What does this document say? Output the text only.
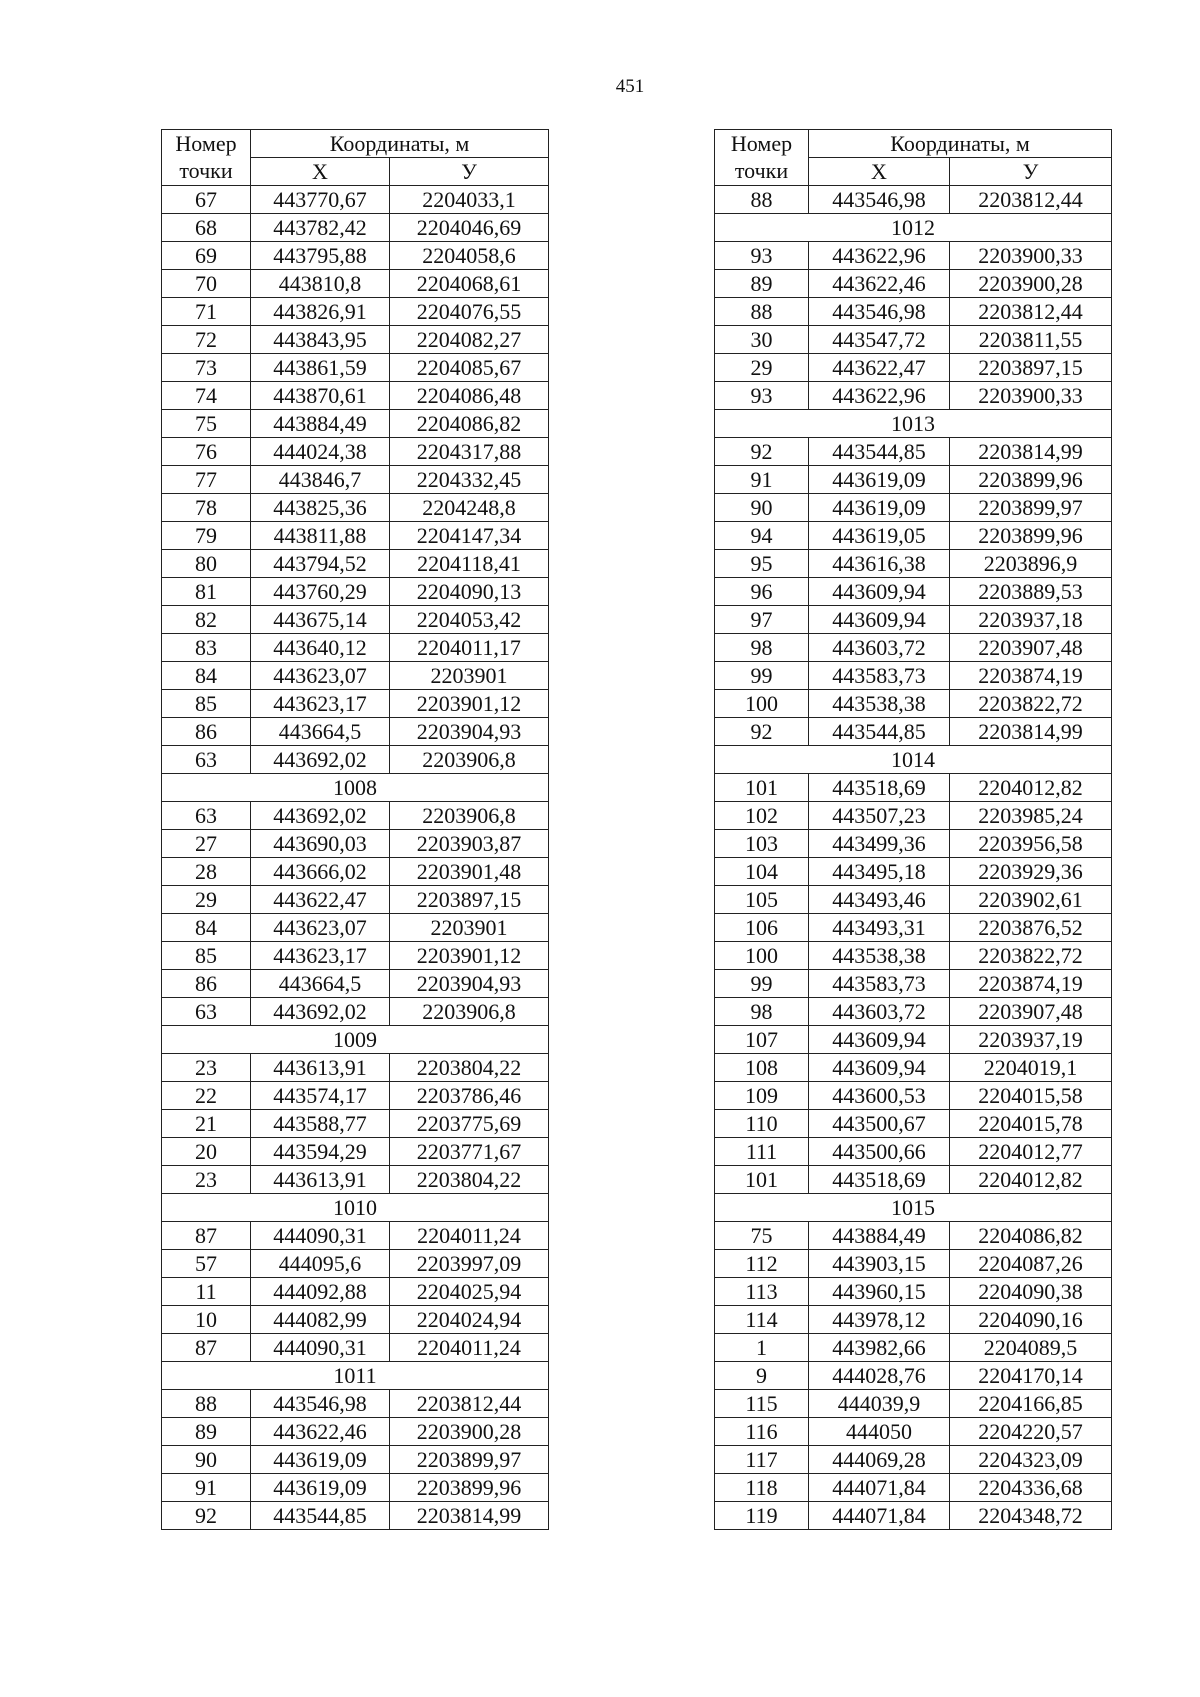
451
Номер	Координаты, м	
точки	X	У
67	443770,67	2204033,1
68	443782,42	2204046,69
69	443795,88	2204058,6
70	443810,8	2204068,61
71	443826,91	2204076,55
72	443843,95	2204082,27
73	443861,59	2204085,67
74	443870,61	2204086,48
75	443884,49	2204086,82
76	444024,38	2204317,88
77	443846,7	2204332,45
78	443825,36	2204248,8
79	443811,88	2204147,34
80	443794,52	2204118,41
81	443760,29	2204090,13
82	443675,14	2204053,42
83	443640,12	2204011,17
84	443623,07	2203901
85	443623,17	2203901,12
86	443664,5	2203904,93
63	443692,02	2203906,8
1008		
63	443692,02	2203906,8
27	443690,03	2203903,87
28	443666,02	2203901,48
29	443622,47	2203897,15
84	443623,07	2203901
85	443623,17	2203901,12
86	443664,5	2203904,93
63	443692,02	2203906,8
1009		
23	443613,91	2203804,22
22	443574,17	2203786,46
21	443588,77	2203775,69
20	443594,29	2203771,67
23	443613,91	2203804,22
1010		
87	444090,31	2204011,24
57	444095,6	2203997,09
11	444092,88	2204025,94
10	444082,99	2204024,94
87	444090,31	2204011,24
1011		
88	443546,98	2203812,44
89	443622,46	2203900,28
90	443619,09	2203899,97
91	443619,09	2203899,96
92	443544,85	2203814,99
Номер	Координаты, м	
точки	X	У
88	443546,98	2203812,44
1012		
93	443622,96	2203900,33
89	443622,46	2203900,28
88	443546,98	2203812,44
30	443547,72	2203811,55
29	443622,47	2203897,15
93	443622,96	2203900,33
1013		
92	443544,85	2203814,99
91	443619,09	2203899,96
90	443619,09	2203899,97
94	443619,05	2203899,96
95	443616,38	2203896,9
96	443609,94	2203889,53
97	443609,94	2203937,18
98	443603,72	2203907,48
99	443583,73	2203874,19
100	443538,38	2203822,72
92	443544,85	2203814,99
1014		
101	443518,69	2204012,82
102	443507,23	2203985,24
103	443499,36	2203956,58
104	443495,18	2203929,36
105	443493,46	2203902,61
106	443493,31	2203876,52
100	443538,38	2203822,72
99	443583,73	2203874,19
98	443603,72	2203907,48
107	443609,94	2203937,19
108	443609,94	2204019,1
109	443600,53	2204015,58
110	443500,67	2204015,78
111	443500,66	2204012,77
101	443518,69	2204012,82
1015		
75	443884,49	2204086,82
112	443903,15	2204087,26
113	443960,15	2204090,38
114	443978,12	2204090,16
1	443982,66	2204089,5
9	444028,76	2204170,14
115	444039,9	2204166,85
116	444050	2204220,57
117	444069,28	2204323,09
118	444071,84	2204336,68
119	444071,84	2204348,72
